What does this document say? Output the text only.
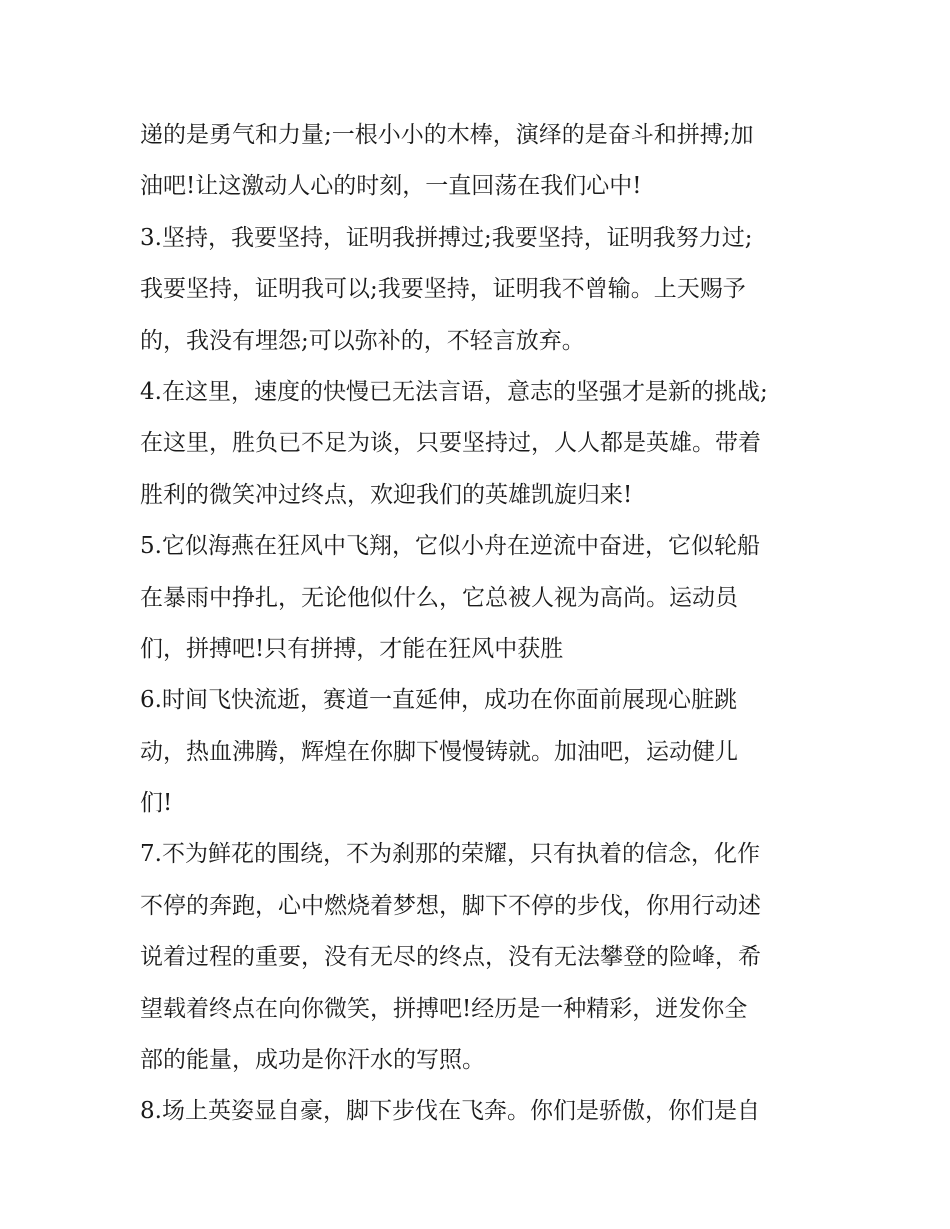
递的是勇气和力量;一根小小的木棒，演绎的是奋斗和拼搏;加
油吧!让这激动人心的时刻，一直回荡在我们心中!
3.坚持，我要坚持，证明我拼搏过;我要坚持，证明我努力过;
我要坚持，证明我可以;我要坚持，证明我不曾输。上天赐予
的，我没有埋怨;可以弥补的，不轻言放弃。
4.在这里，速度的快慢已无法言语，意志的坚强才是新的挑战;
在这里，胜负已不足为谈，只要坚持过，人人都是英雄。带着
胜利的微笑冲过终点，欢迎我们的英雄凯旋归来!
5.它似海燕在狂风中飞翔，它似小舟在逆流中奋进，它似轮船
在暴雨中挣扎，无论他似什么，它总被人视为高尚。运动员
们，拼搏吧!只有拼搏，才能在狂风中获胜
6.时间飞快流逝，赛道一直延伸，成功在你面前展现心脏跳
动，热血沸腾，辉煌在你脚下慢慢铸就。加油吧，运动健儿
们!
7.不为鲜花的围绕，不为刹那的荣耀，只有执着的信念，化作
不停的奔跑，心中燃烧着梦想，脚下不停的步伐，你用行动述
说着过程的重要，没有无尽的终点，没有无法攀登的险峰，希
望载着终点在向你微笑，拼搏吧!经历是一种精彩，迸发你全
部的能量，成功是你汗水的写照。
8.场上英姿显自豪，脚下步伐在飞奔。你们是骄傲，你们是自
